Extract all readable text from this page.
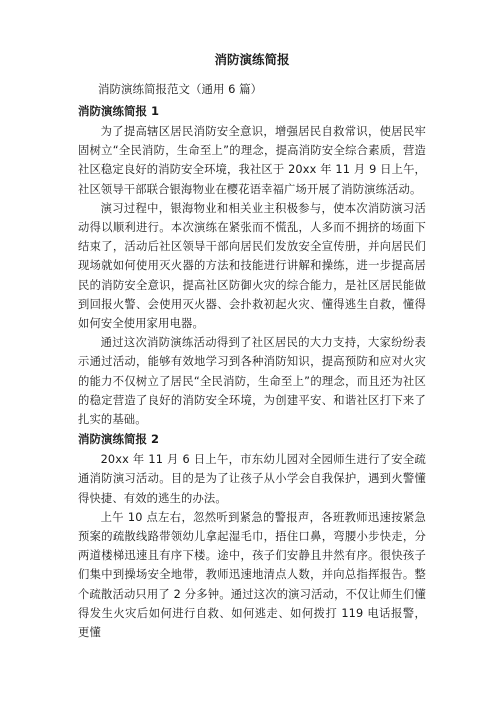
消防演练简报

消防演练简报范文（通用 6 篇）

消防演练简报 1

为了提高辖区居民消防安全意识，增强居民自救常识，使居民牢固树立“全民消防，生命至上”的理念，提高消防安全综合素质，营造社区稳定良好的消防安全环境，我社区于 20xx 年 11 月 9 日上午，社区领导干部联合银海物业在樱花语幸福广场开展了消防演练活动。

演习过程中，银海物业和相关业主积极参与，使本次消防演习活动得以顺利进行。本次演练在紧张而不慌乱，人多而不拥挤的场面下结束了，活动后社区领导干部向居民们发放安全宣传册，并向居民们现场就如何使用灭火器的方法和技能进行讲解和操练，进一步提高居民的消防安全意识，提高社区防御火灾的综合能力，是社区居民能做到回报火警、会使用灭火器、会扑救初起火灾、懂得逃生自救，懂得如何安全使用家用电器。

通过这次消防演练活动得到了社区居民的大力支持，大家纷纷表示通过活动，能够有效地学习到各种消防知识，提高预防和应对火灾的能力不仅树立了居民“全民消防，生命至上”的理念，而且还为社区的稳定营造了良好的消防安全环境，为创建平安、和谐社区打下来了扎实的基础。

消防演练简报 2

20xx 年 11 月 6 日上午，市东幼儿园对全园师生进行了安全疏通消防演习活动。目的是为了让孩子从小学会自我保护，遇到火警懂得快捷、有效的逃生的办法。

上午 10 点左右，忽然听到紧急的警报声，各班教师迅速按紧急预案的疏散线路带领幼儿拿起湿毛巾，捂住口鼻，弯腰小步快走，分两道楼梯迅速且有序下楼。途中，孩子们安静且井然有序。很快孩子们集中到操场安全地带，教师迅速地清点人数，并向总指挥报告。整个疏散活动只用了 2 分多钟。通过这次的演习活动，不仅让师生们懂得发生火灾后如何进行自救、如何逃走、如何拨打 119 电话报警，更懂
